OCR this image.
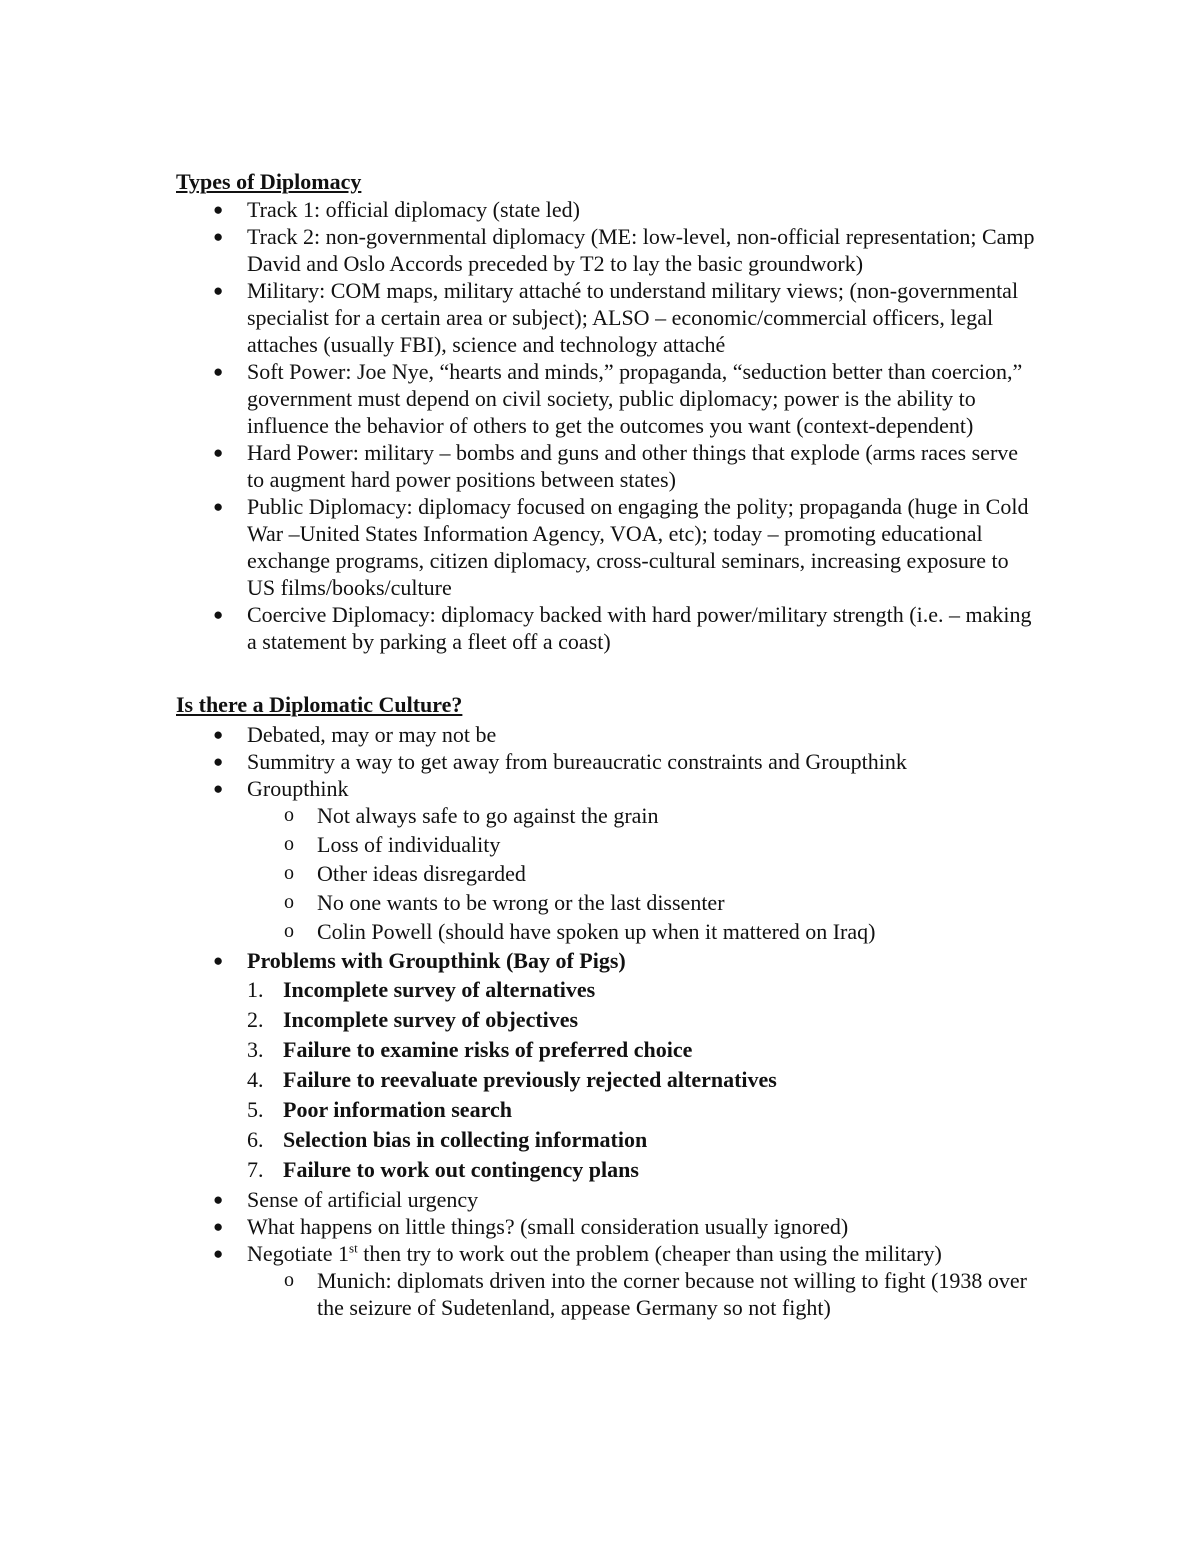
Types of Diplomacy

● Track 1: official diplomacy (state led)
● Track 2: non-governmental diplomacy (ME: low-level, non-official representation; Camp David and Oslo Accords preceded by T2 to lay the basic groundwork)
● Military: COM maps, military attaché to understand military views; (non-governmental specialist for a certain area or subject); ALSO – economic/commercial officers, legal attaches (usually FBI), science and technology attaché
● Soft Power: Joe Nye, “hearts and minds,” propaganda, “seduction better than coercion,” government must depend on civil society, public diplomacy; power is the ability to influence the behavior of others to get the outcomes you want (context-dependent)
● Hard Power: military – bombs and guns and other things that explode (arms races serve to augment hard power positions between states)
● Public Diplomacy: diplomacy focused on engaging the polity; propaganda (huge in Cold War –United States Information Agency, VOA, etc); today – promoting educational exchange programs, citizen diplomacy, cross-cultural seminars, increasing exposure to US films/books/culture
● Coercive Diplomacy: diplomacy backed with hard power/military strength (i.e. – making a statement by parking a fleet off a coast)

Is there a Diplomatic Culture?

● Debated, may or may not be
● Summitry a way to get away from bureaucratic constraints and Groupthink
● Groupthink
o Not always safe to go against the grain
o Loss of individuality
o Other ideas disregarded
o No one wants to be wrong or the last dissenter
o Colin Powell (should have spoken up when it mattered on Iraq)
● Problems with Groupthink (Bay of Pigs)
1. Incomplete survey of alternatives
2. Incomplete survey of objectives
3. Failure to examine risks of preferred choice
4. Failure to reevaluate previously rejected alternatives
5. Poor information search
6. Selection bias in collecting information
7. Failure to work out contingency plans
● Sense of artificial urgency
● What happens on little things? (small consideration usually ignored)
● Negotiate 1st then try to work out the problem (cheaper than using the military)
o Munich: diplomats driven into the corner because not willing to fight (1938 over the seizure of Sudetenland, appease Germany so not fight)
